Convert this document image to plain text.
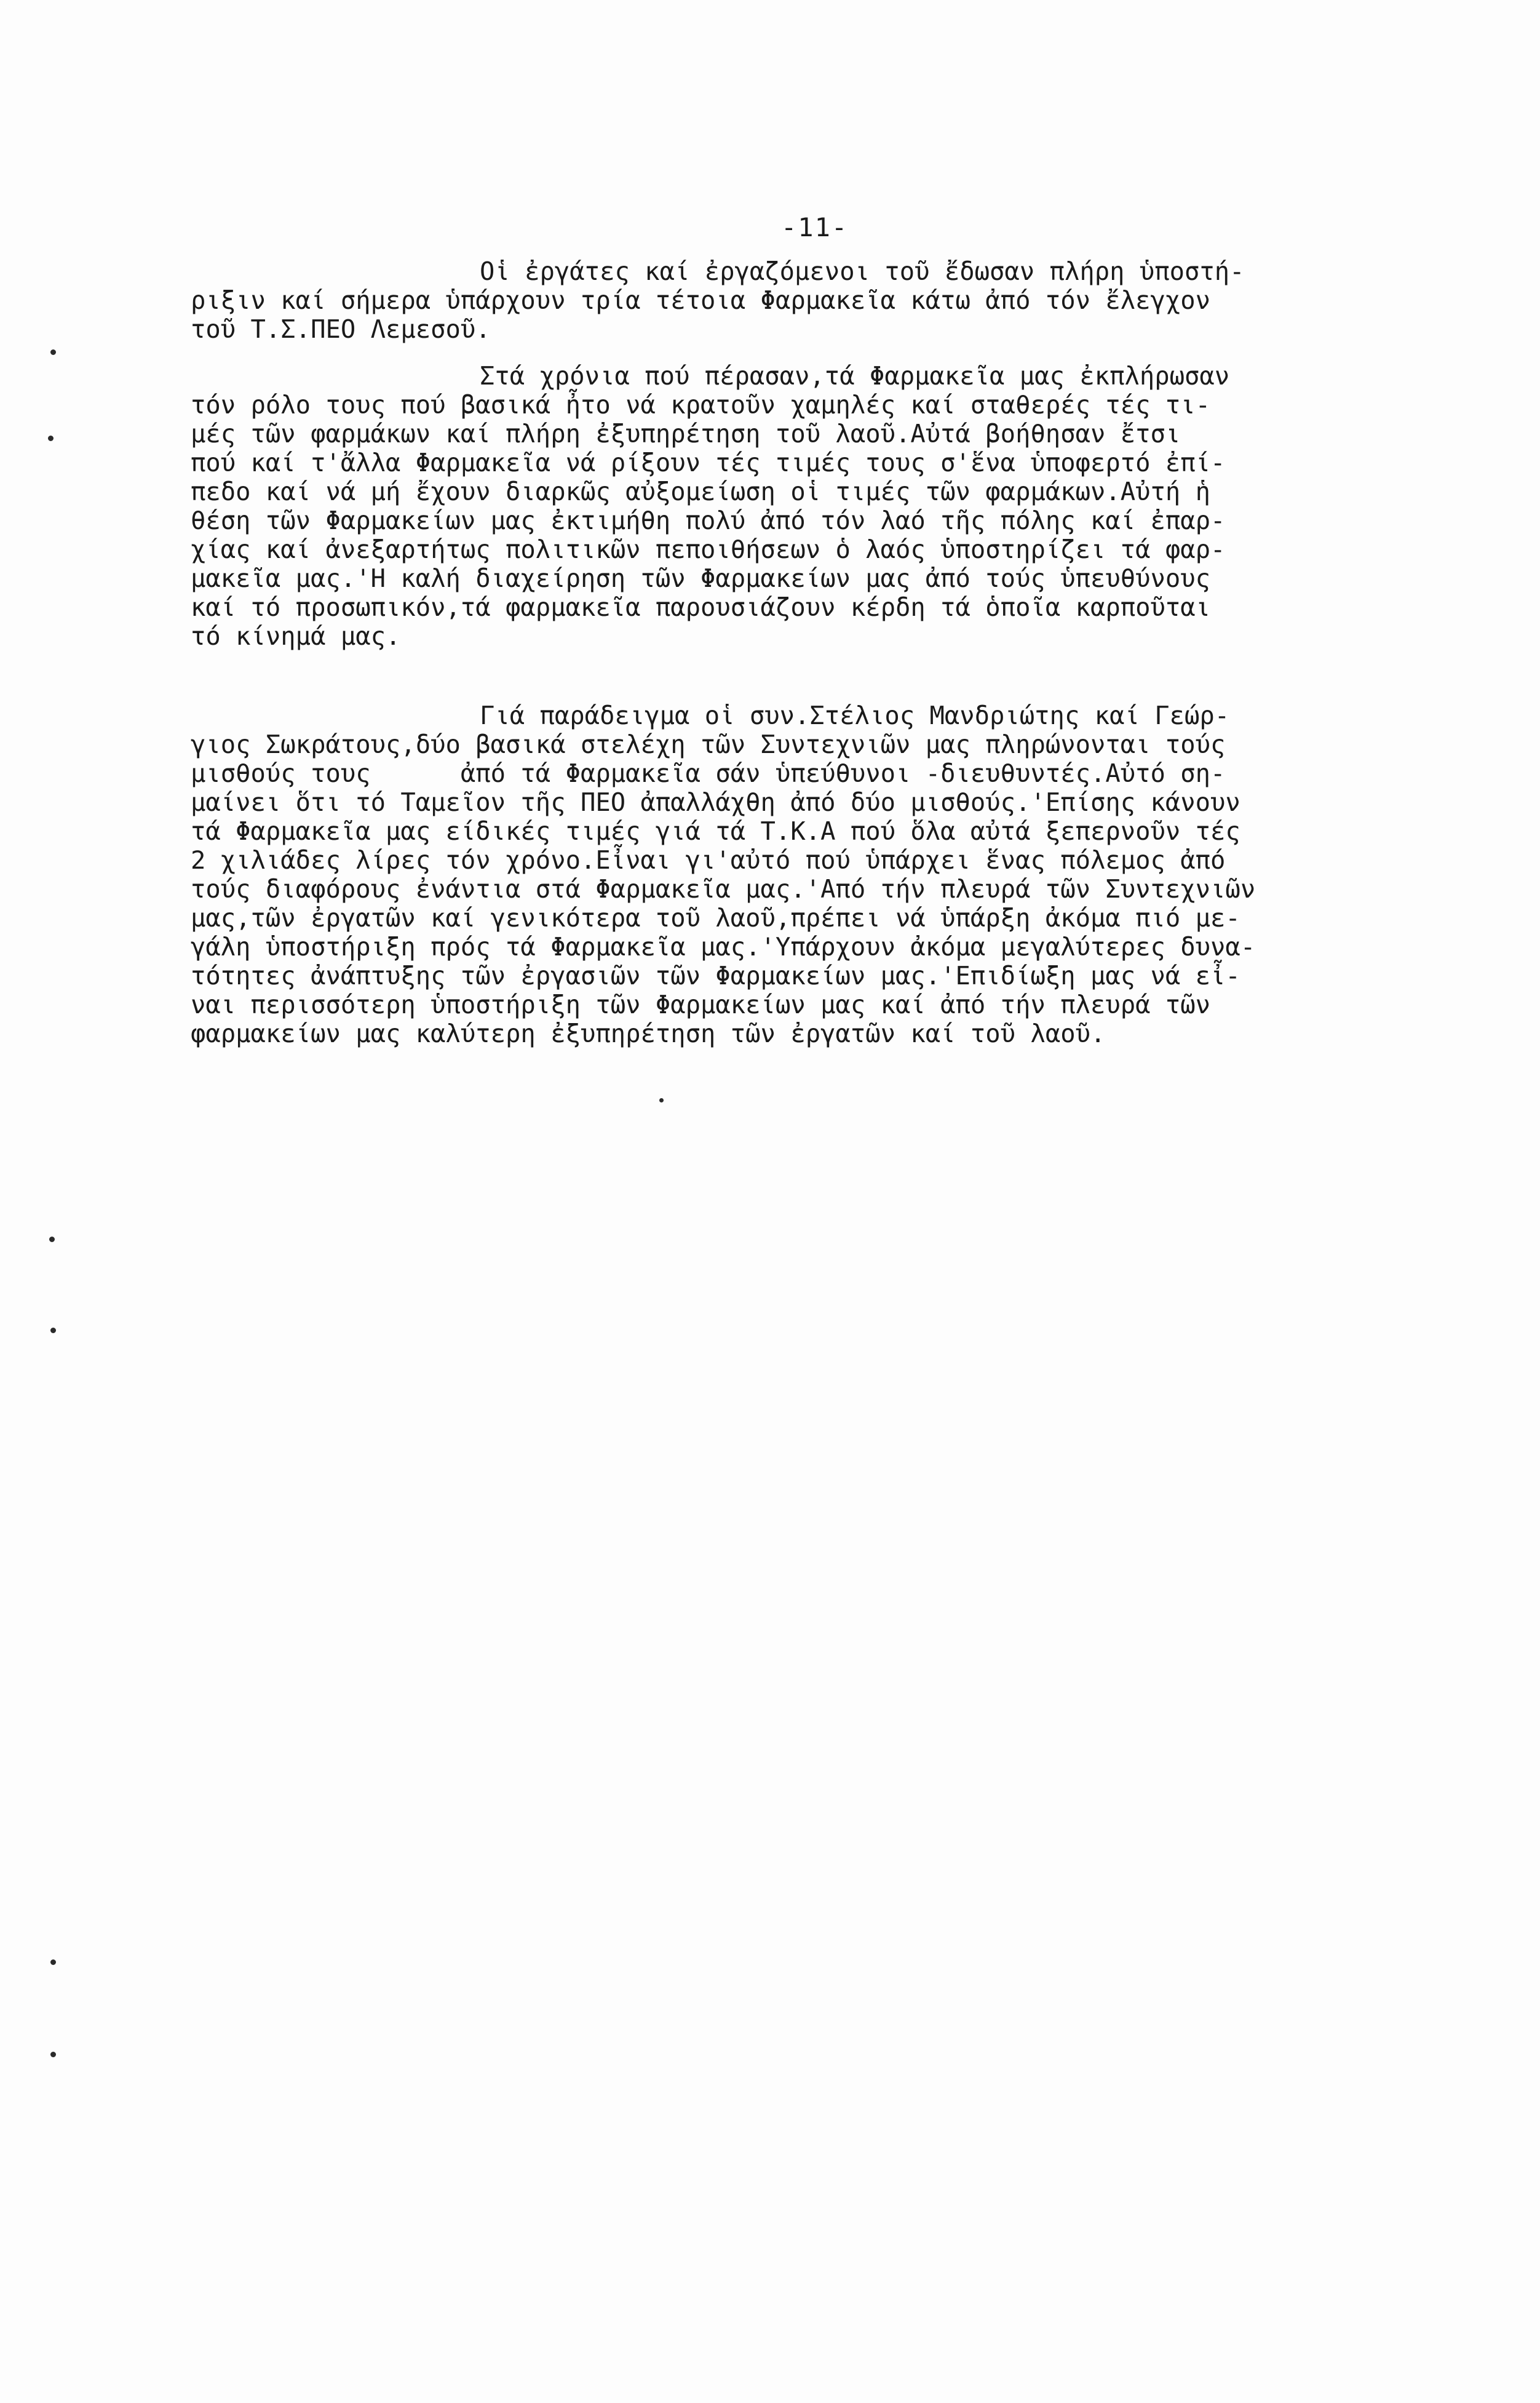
-11-
Οἱ ἐργάτες καί ἐργαζόμενοι τοῦ ἔδωσαν πλήρη ὑποστή-
ριξιν καί σήμερα ὑπάρχουν τρία τέτοια Φαρμακεῖα κάτω ἀπό τόν ἔλεγχον
τοῦ Τ.Σ.ΠΕΟ Λεμεσοῦ.
Στά χρόνια πού πέρασαν,τά Φαρμακεῖα μας ἐκπλήρωσαν
τόν ρόλο τους πού βασικά ἦτο νά κρατοῦν χαμηλές καί σταθερές τές τι-
μές τῶν φαρμάκων καί πλήρη ἐξυπηρέτηση τοῦ λαοῦ.Αὐτά βοήθησαν ἔτσι
πού καί τ'ἄλλα Φαρμακεῖα νά ρίξουν τές τιμές τους σ'ἕνα ὑποφερτό ἐπί-
πεδο καί νά μή ἔχουν διαρκῶς αὐξομείωση οἱ τιμές τῶν φαρμάκων.Αὐτή ἡ
θέση τῶν Φαρμακείων μας ἐκτιμήθη πολύ ἀπό τόν λαό τῆς πόλης καί ἐπαρ-
χίας καί ἀνεξαρτήτως πολιτικῶν πεποιθήσεων ὁ λαός ὑποστηρίζει τά φαρ-
μακεῖα μας.'Η καλή διαχείρηση τῶν Φαρμακείων μας ἀπό τούς ὑπευθύνους
καί τό προσωπικόν,τά φαρμακεῖα παρουσιάζουν κέρδη τά ὁποῖα καρποῦται
τό κίνημά μας.
Γιά παράδειγμα οἱ συν.Στέλιος Μανδριώτης καί Γεώρ-
γιος Σωκράτους,δύο βασικά στελέχη τῶν Συντεχνιῶν μας πληρώνονται τούς
μισθούς τους      ἀπό τά Φαρμακεῖα σάν ὑπεύθυνοι -διευθυντές.Αὐτό ση-
μαίνει ὅτι τό Ταμεῖον τῆς ΠΕΟ ἀπαλλάχθη ἀπό δύο μισθούς.'Επίσης κάνουν
τά Φαρμακεῖα μας είδικές τιμές γιά τά Τ.Κ.Α πού ὅλα αὐτά ξεπερνοῦν τές
2 χιλιάδες λίρες τόν χρόνο.Εἶναι γι'αὐτό πού ὑπάρχει ἕνας πόλεμος ἀπό
τούς διαφόρους ἐνάντια στά Φαρμακεῖα μας.'Από τήν πλευρά τῶν Συντεχνιῶν
μας,τῶν ἐργατῶν καί γενικότερα τοῦ λαοῦ,πρέπει νά ὑπάρξη ἀκόμα πιό με-
γάλη ὑποστήριξη πρός τά Φαρμακεῖα μας.'Υπάρχουν ἀκόμα μεγαλύτερες δυνα-
τότητες ἀνάπτυξης τῶν ἐργασιῶν τῶν Φαρμακείων μας.'Επιδίωξη μας νά εἶ-
ναι περισσότερη ὑποστήριξη τῶν Φαρμακείων μας καί ἀπό τήν πλευρά τῶν
φαρμακείων μας καλύτερη ἐξυπηρέτηση τῶν ἐργατῶν καί τοῦ λαοῦ.
